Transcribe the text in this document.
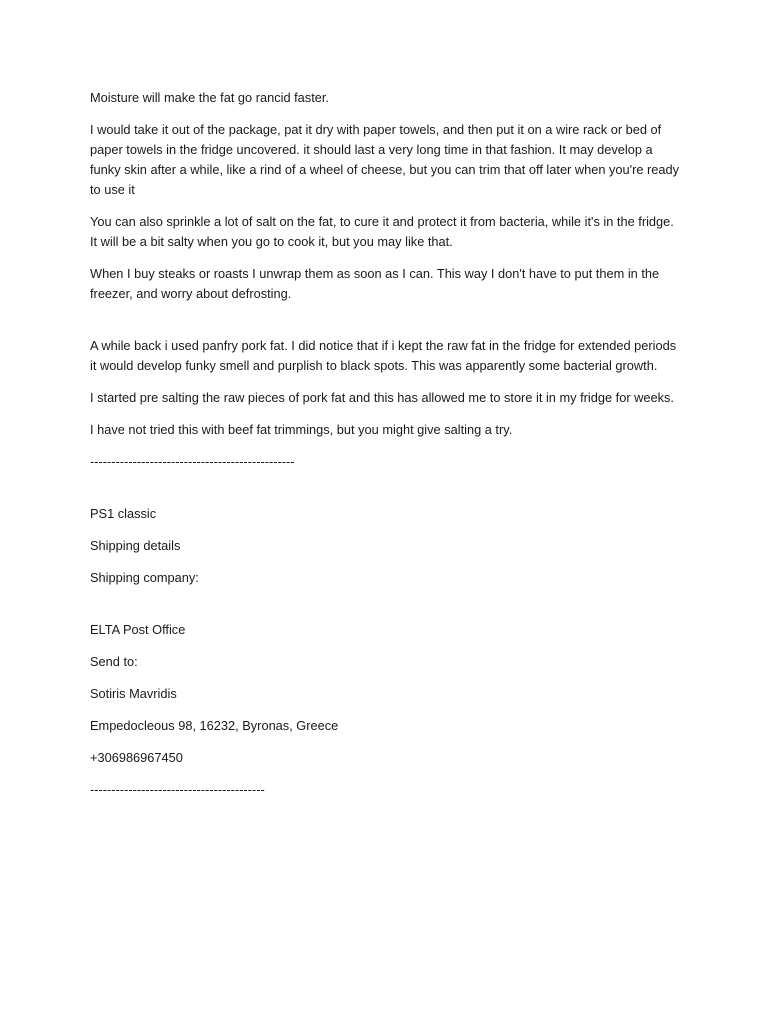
Moisture will make the fat go rancid faster.

I would take it out of the package, pat it dry with paper towels, and then put it on a wire rack or bed of paper towels in the fridge uncovered. it should last a very long time in that fashion. It may develop a funky skin after a while, like a rind of a wheel of cheese, but you can trim that off later when you're ready to use it

You can also sprinkle a lot of salt on the fat, to cure it and protect it from bacteria, while it's in the fridge. It will be a bit salty when you go to cook it, but you may like that.

When I buy steaks or roasts I unwrap them as soon as I can. This way I don't have to put them in the freezer, and worry about defrosting.

A while back i used panfry pork fat. I did notice that if i kept the raw fat in the fridge for extended periods it would develop funky smell and purplish to black spots. This was apparently some bacterial growth.

I started pre salting the raw pieces of pork fat and this has allowed me to store it in my fridge for weeks.

I have not tried this with beef fat trimmings, but you might give salting a try.

------------------------------------------------

PS1 classic

Shipping details

Shipping company:

ELTA Post Office

Send to:

Sotiris Mavridis

Empedocleous 98, 16232, Byronas, Greece

+306986967450

-----------------------------------------
